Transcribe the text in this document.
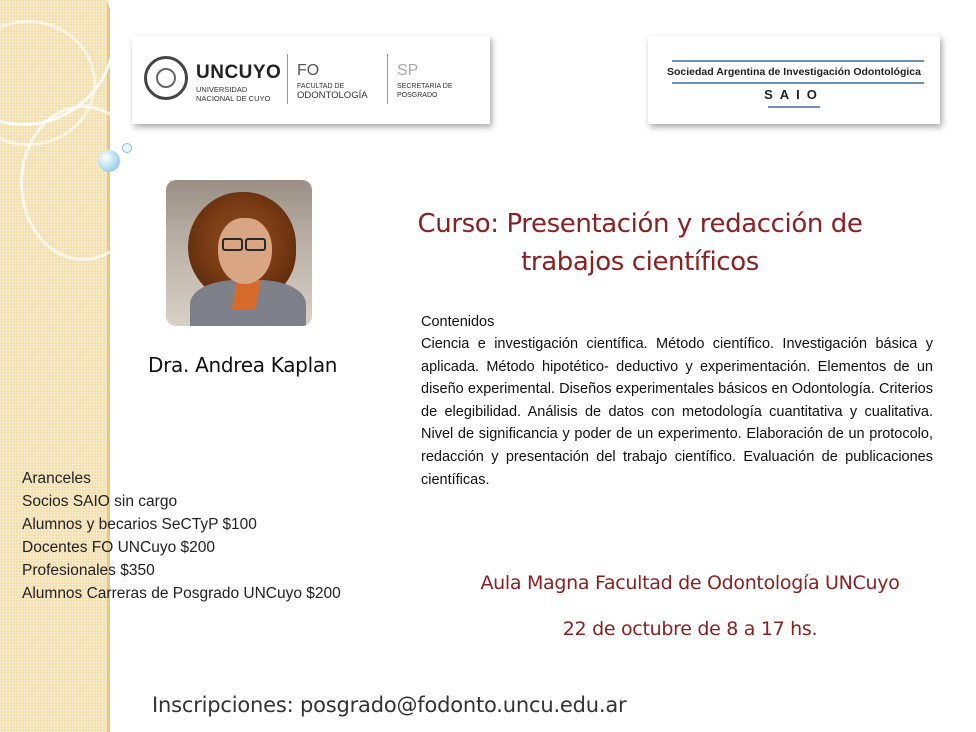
UNCUYO
UNIVERSIDAD
NACIONAL DE CUYO
FO
FACULTAD DE
ODONTOLOGÍA
SP
SECRETARIA DE
POSGRADO
Sociedad Argentina de Investigación Odontológica
SAIO
Dra. Andrea Kaplan
Curso: Presentación y redacción de
trabajos científicos
Contenidos
Ciencia e investigación científica. Método científico. Investigación básica y aplicada. Método hipotético- deductivo y experimentación. Elementos de un diseño experimental. Diseños experimentales básicos en Odontología. Criterios de elegibilidad. Análisis de datos con metodología cuantitativa y cualitativa. Nivel de significancia y poder de un experimento. Elaboración de un protocolo, redacción y presentación del trabajo científico. Evaluación de publicaciones científicas.
Aranceles
Socios SAIO sin cargo
Alumnos y becarios SeCTyP $100
Docentes FO UNCuyo $200
Profesionales $350
Alumnos Carreras de Posgrado UNCuyo $200	Aula Magna Facultad de Odontología UNCuyo
22 de octubre de 8 a 17 hs.
Inscripciones: posgrado@fodonto.uncu.edu.ar
